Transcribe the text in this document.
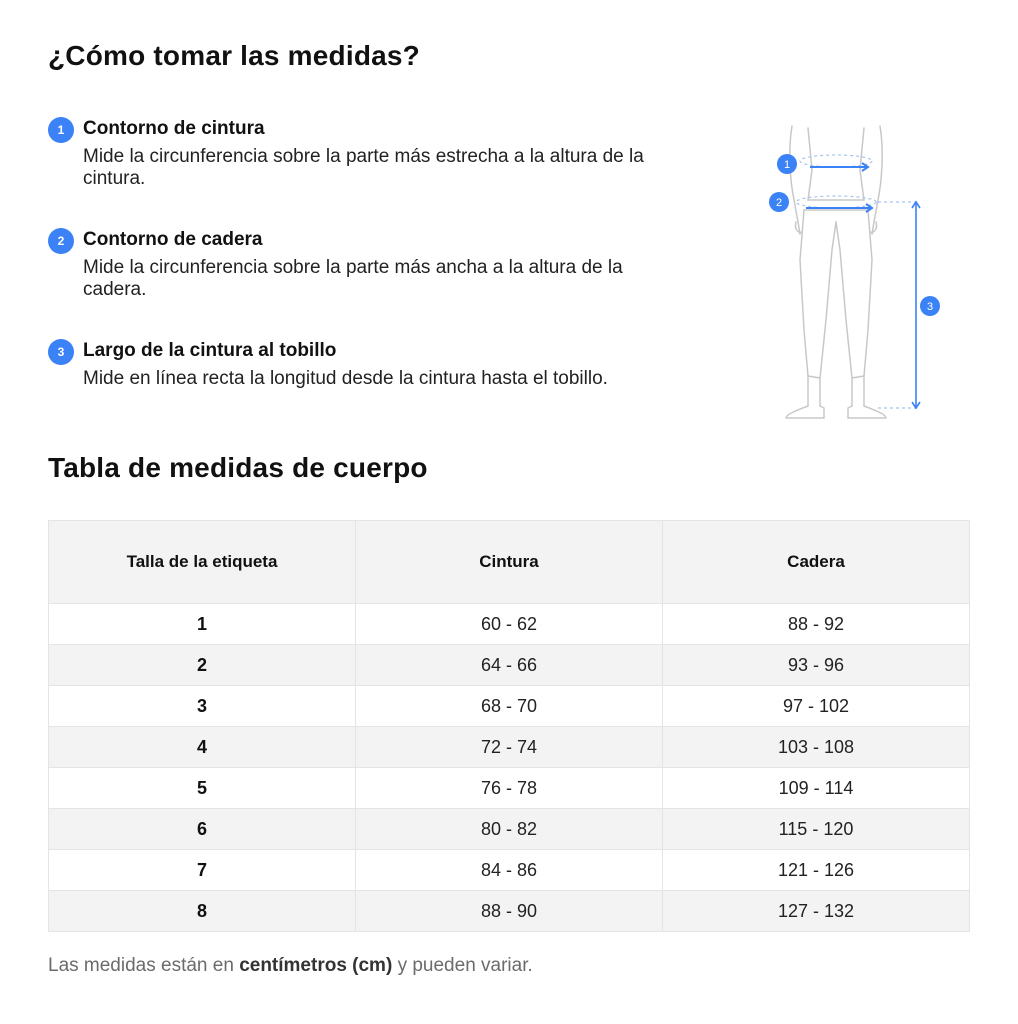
¿Cómo tomar las medidas?
1 Contorno de cintura
Mide la circunferencia sobre la parte más estrecha a la altura de la cintura.
2 Contorno de cadera
Mide la circunferencia sobre la parte más ancha a la altura de la cadera.
3 Largo de la cintura al tobillo
Mide en línea recta la longitud desde la cintura hasta el tobillo.
1
2
3
Tabla de medidas de cuerpo
Talla de la etiqueta	Cintura	Cadera
1	60 - 62	88 - 92
2	64 - 66	93 - 96
3	68 - 70	97 - 102
4	72 - 74	103 - 108
5	76 - 78	109 - 114
6	80 - 82	115 - 120
7	84 - 86	121 - 126
8	88 - 90	127 - 132
Las medidas están en centímetros (cm) y pueden variar.
